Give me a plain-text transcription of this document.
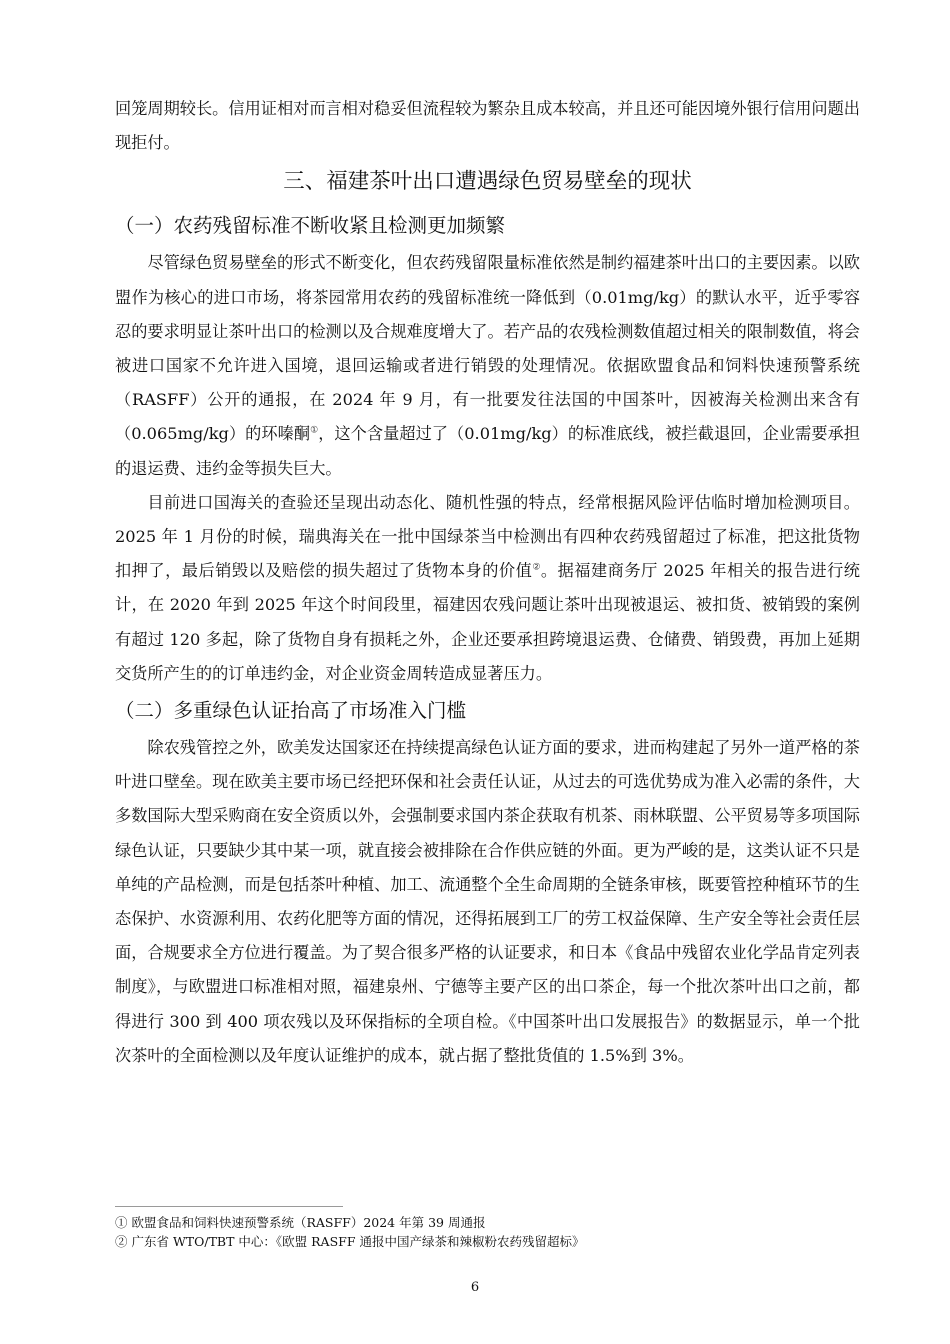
回笼周期较长。信用证相对而言相对稳妥但流程较为繁杂且成本较高，并且还可能因境外银行信用问题出现拒付。

三、福建茶叶出口遭遇绿色贸易壁垒的现状
（一）农药残留标准不断收紧且检测更加频繁

尽管绿色贸易壁垒的形式不断变化，但农药残留限量标准依然是制约福建茶叶出口的主要因素。以欧盟作为核心的进口市场，将茶园常用农药的残留标准统一降低到（0.01mg/kg）的默认水平，近乎零容忍的要求明显让茶叶出口的检测以及合规难度增大了。若产品的农残检测数值超过相关的限制数值，将会被进口国家不允许进入国境，退回运输或者进行销毁的处理情况。依据欧盟食品和饲料快速预警系统（RASFF）公开的通报，在 2024 年 9 月，有一批要发往法国的中国茶叶，因被海关检测出来含有（0.065mg/kg）的环嗪酮①，这个含量超过了（0.01mg/kg）的标准底线，被拦截退回，企业需要承担的退运费、违约金等损失巨大。

目前进口国海关的查验还呈现出动态化、随机性强的特点，经常根据风险评估临时增加检测项目。2025 年 1 月份的时候，瑞典海关在一批中国绿茶当中检测出有四种农药残留超过了标准，把这批货物扣押了，最后销毁以及赔偿的损失超过了货物本身的价值②。据福建商务厅 2025 年相关的报告进行统计，在 2020 年到 2025 年这个时间段里，福建因农残问题让茶叶出现被退运、被扣货、被销毁的案例有超过 120 多起，除了货物自身有损耗之外，企业还要承担跨境退运费、仓储费、销毁费，再加上延期交货所产生的的订单违约金，对企业资金周转造成显著压力。

（二）多重绿色认证抬高了市场准入门槛

除农残管控之外，欧美发达国家还在持续提高绿色认证方面的要求，进而构建起了另外一道严格的茶叶进口壁垒。现在欧美主要市场已经把环保和社会责任认证，从过去的可选优势成为准入必需的条件，大多数国际大型采购商在安全资质以外，会强制要求国内茶企获取有机茶、雨林联盟、公平贸易等多项国际绿色认证，只要缺少其中某一项，就直接会被排除在合作供应链的外面。更为严峻的是，这类认证不只是单纯的产品检测，而是包括茶叶种植、加工、流通整个全生命周期的全链条审核，既要管控种植环节的生态保护、水资源利用、农药化肥等方面的情况，还得拓展到工厂的劳工权益保障、生产安全等社会责任层面，合规要求全方位进行覆盖。为了契合很多严格的认证要求，和日本《食品中残留农业化学品肯定列表制度》，与欧盟进口标准相对照，福建泉州、宁德等主要产区的出口茶企，每一个批次茶叶出口之前，都得进行 300 到 400 项农残以及环保指标的全项自检。《中国茶叶出口发展报告》的数据显示，单一个批次茶叶的全面检测以及年度认证维护的成本，就占据了整批货值的 1.5%到 3%。

① 欧盟食品和饲料快速预警系统（RASFF）2024 年第 39 周通报
② 广东省 WTO/TBT 中心：《欧盟 RASFF 通报中国产绿茶和辣椒粉农药残留超标》
6
